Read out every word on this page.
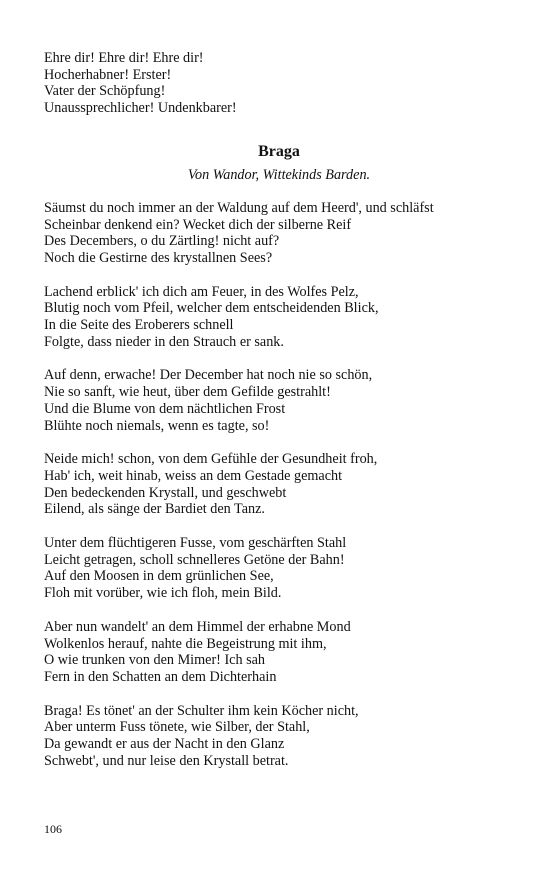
Ehre dir! Ehre dir! Ehre dir!
Hocherhabner! Erster!
Vater der Schöpfung!
Unaussprechlicher! Undenkbarer!
Braga
Von Wandor, Wittekinds Barden.
Säumst du noch immer an der Waldung auf dem Heerd', und schläfst
Scheinbar denkend ein? Wecket dich der silberne Reif
Des Decembers, o du Zärtling! nicht auf?
Noch die Gestirne des krystallnen Sees?
Lachend erblick' ich dich am Feuer, in des Wolfes Pelz,
Blutig noch vom Pfeil, welcher dem entscheidenden Blick,
In die Seite des Eroberers schnell
Folgte, dass nieder in den Strauch er sank.
Auf denn, erwache! Der December hat noch nie so schön,
Nie so sanft, wie heut, über dem Gefilde gestrahlt!
Und die Blume von dem nächtlichen Frost
Blühte noch niemals, wenn es tagte, so!
Neide mich! schon, von dem Gefühle der Gesundheit froh,
Hab' ich, weit hinab, weiss an dem Gestade gemacht
Den bedeckenden Krystall, und geschwebt
Eilend, als sänge der Bardiet den Tanz.
Unter dem flüchtigeren Fusse, vom geschärften Stahl
Leicht getragen, scholl schnelleres Getöne der Bahn!
Auf den Moosen in dem grünlichen See,
Floh mit vorüber, wie ich floh, mein Bild.
Aber nun wandelt' an dem Himmel der erhabne Mond
Wolkenlos herauf, nahte die Begeistrung mit ihm,
O wie trunken von den Mimer! Ich sah
Fern in den Schatten an dem Dichterhain
Braga! Es tönet' an der Schulter ihm kein Köcher nicht,
Aber unterm Fuss tönete, wie Silber, der Stahl,
Da gewandt er aus der Nacht in den Glanz
Schwebt', und nur leise den Krystall betrat.
106
